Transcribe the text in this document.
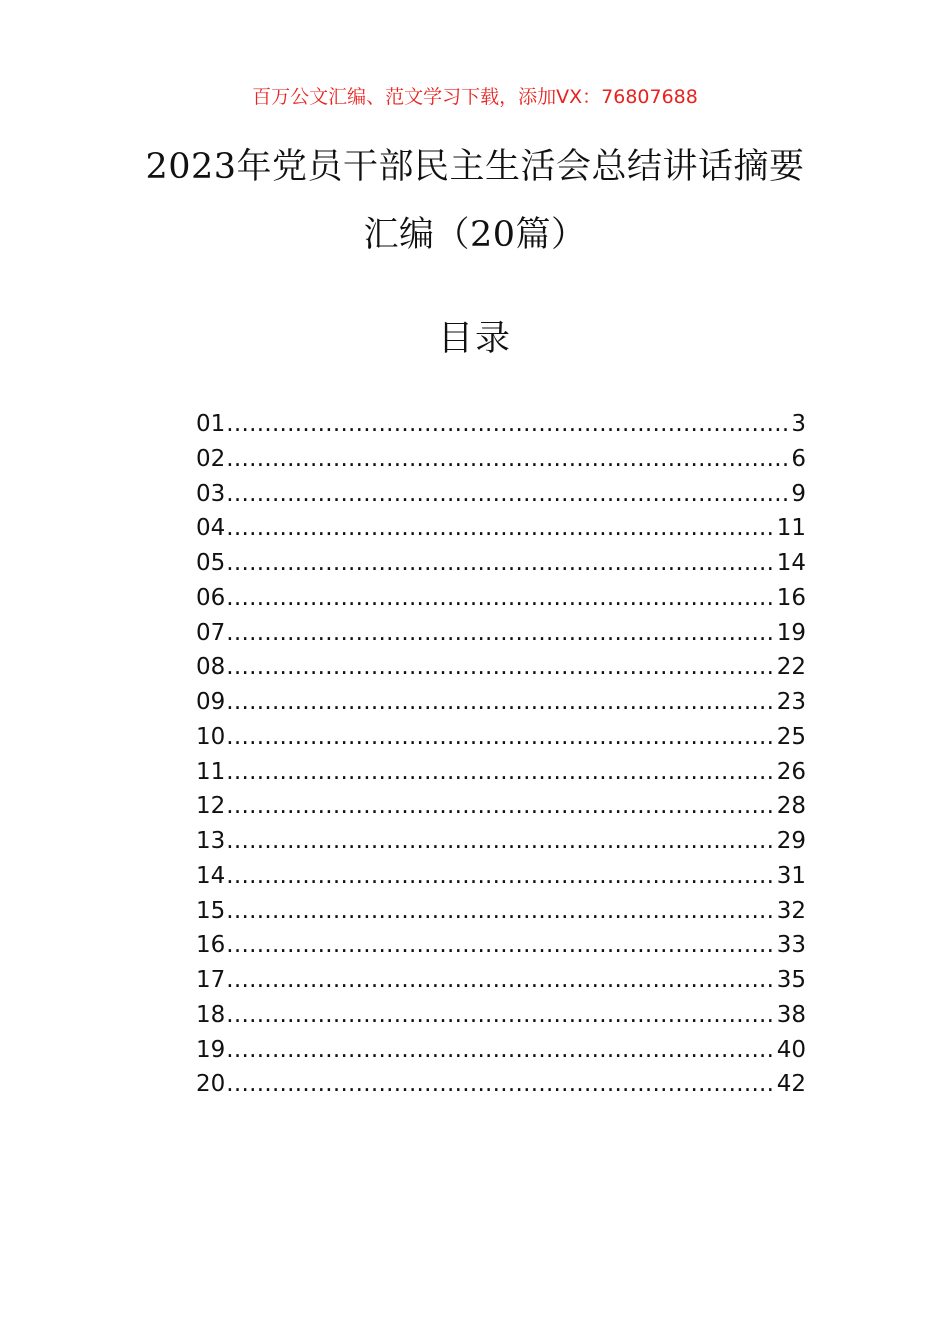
百万公文汇编、范文学习下载，添加VX：76807688
2023年党员干部民主生活会总结讲话摘要
汇编（20篇）
目录
01 .....	3
02 .....	6
03 .....	9
04 .....	11
05 .....	14
06 .....	16
07 .....	19
08 .....	22
09 .....	23
10 .....	25
11 .....	26
12 .....	28
13 .....	29
14 .....	31
15 .....	32
16 .....	33
17 .....	35
18 .....	38
19 .....	40
20 .....	42
